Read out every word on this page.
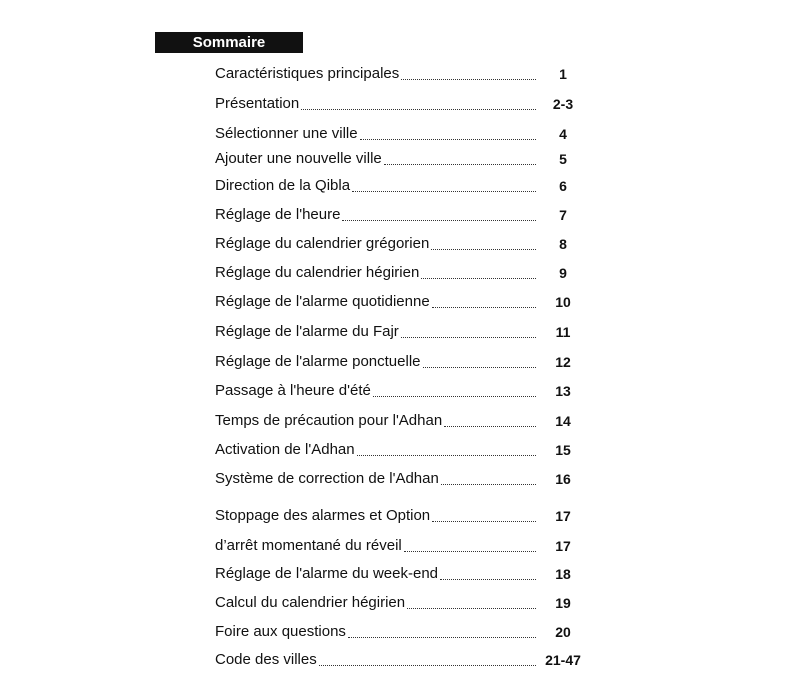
Sommaire
Caractéristiques principales	1
Présentation	2-3
Sélectionner une ville	4
Ajouter une nouvelle ville	5
Direction de la Qibla	6
Réglage de l'heure	7
Réglage du calendrier grégorien	8
Réglage du calendrier hégirien	9
Réglage de l'alarme quotidienne	10
Réglage de l'alarme du Fajr	11
Réglage de l'alarme ponctuelle	12
Passage à l'heure d'été	13
Temps de précaution pour l'Adhan	14
Activation de l'Adhan	15
Système de correction de l'Adhan	16
Stoppage des alarmes et Option	17
d’arrêt momentané du réveil	17
Réglage de l'alarme du week-end	18
Calcul du calendrier hégirien	19
Foire aux questions	20
Code des villes	21-47
